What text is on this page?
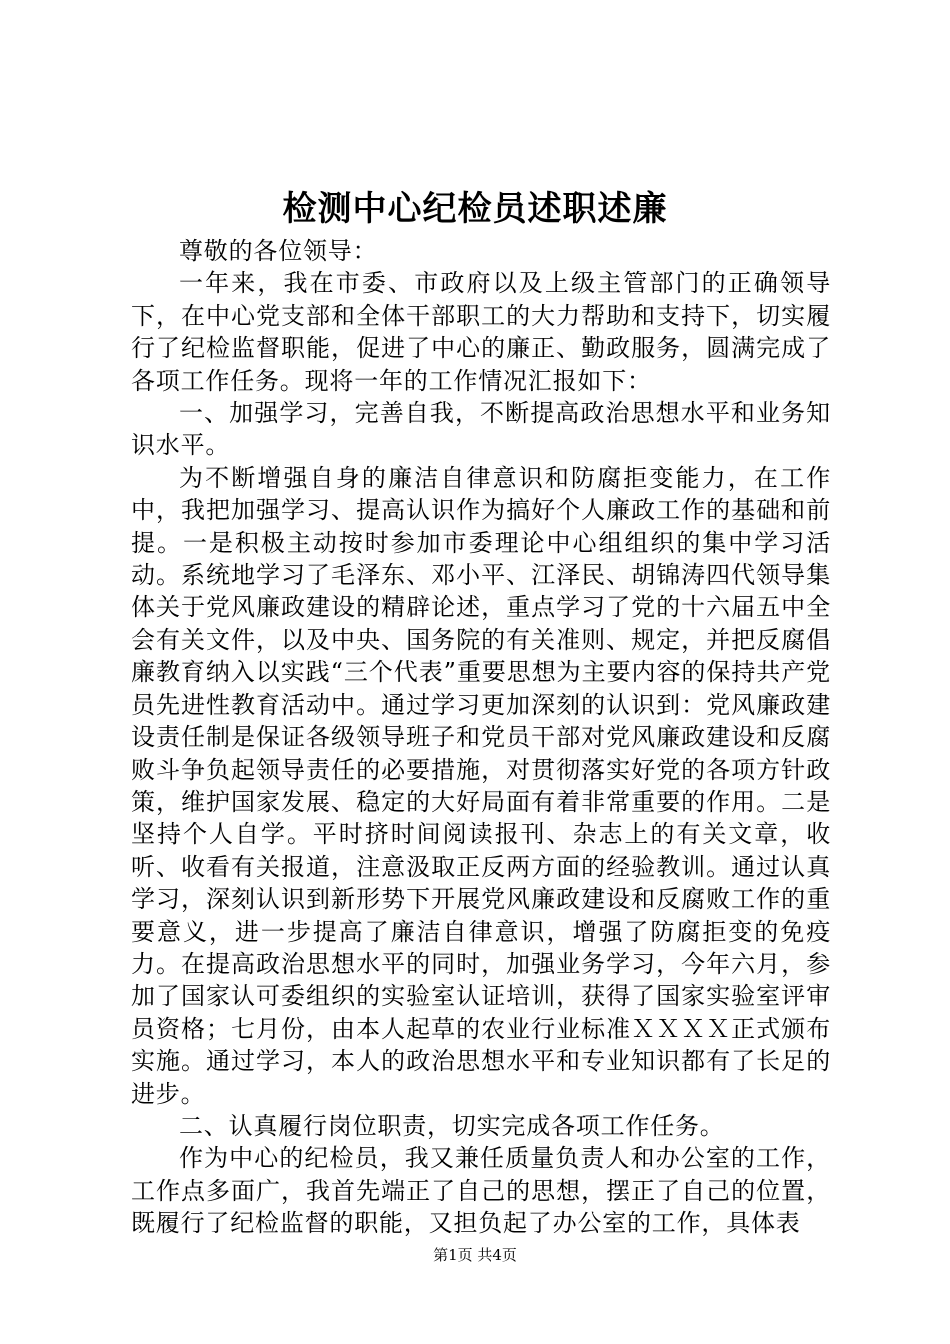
检测中心纪检员述职述廉

尊敬的各位领导：

一年来，我在市委、市政府以及上级主管部门的正确领导下，在中心党支部和全体干部职工的大力帮助和支持下，切实履行了纪检监督职能，促进了中心的廉正、勤政服务，圆满完成了各项工作任务。现将一年的工作情况汇报如下：

一、加强学习，完善自我，不断提高政治思想水平和业务知识水平。

为不断增强自身的廉洁自律意识和防腐拒变能力，在工作中，我把加强学习、提高认识作为搞好个人廉政工作的基础和前提。一是积极主动按时参加市委理论中心组组织的集中学习活动。系统地学习了毛泽东、邓小平、江泽民、胡锦涛四代领导集体关于党风廉政建设的精辟论述，重点学习了党的十六届五中全会有关文件，以及中央、国务院的有关准则、规定，并把反腐倡廉教育纳入以实践“三个代表”重要思想为主要内容的保持共产党员先进性教育活动中。通过学习更加深刻的认识到：党风廉政建设责任制是保证各级领导班子和党员干部对党风廉政建设和反腐败斗争负起领导责任的必要措施，对贯彻落实好党的各项方针政策，维护国家发展、稳定的大好局面有着非常重要的作用。二是坚持个人自学。平时挤时间阅读报刊、杂志上的有关文章，收听、收看有关报道，注意汲取正反两方面的经验教训。通过认真学习，深刻认识到新形势下开展党风廉政建设和反腐败工作的重要意义，进一步提高了廉洁自律意识，增强了防腐拒变的免疫力。在提高政治思想水平的同时，加强业务学习，今年六月，参加了国家认可委组织的实验室认证培训，获得了国家实验室评审员资格；七月份，由本人起草的农业行业标准ＸＸＸＸ正式颁布实施。通过学习，本人的政治思想水平和专业知识都有了长足的进步。

二、认真履行岗位职责，切实完成各项工作任务。

作为中心的纪检员，我又兼任质量负责人和办公室的工作，工作点多面广，我首先端正了自己的思想，摆正了自己的位置，既履行了纪检监督的职能，又担负起了办公室的工作，具体表

第1页 共4页
